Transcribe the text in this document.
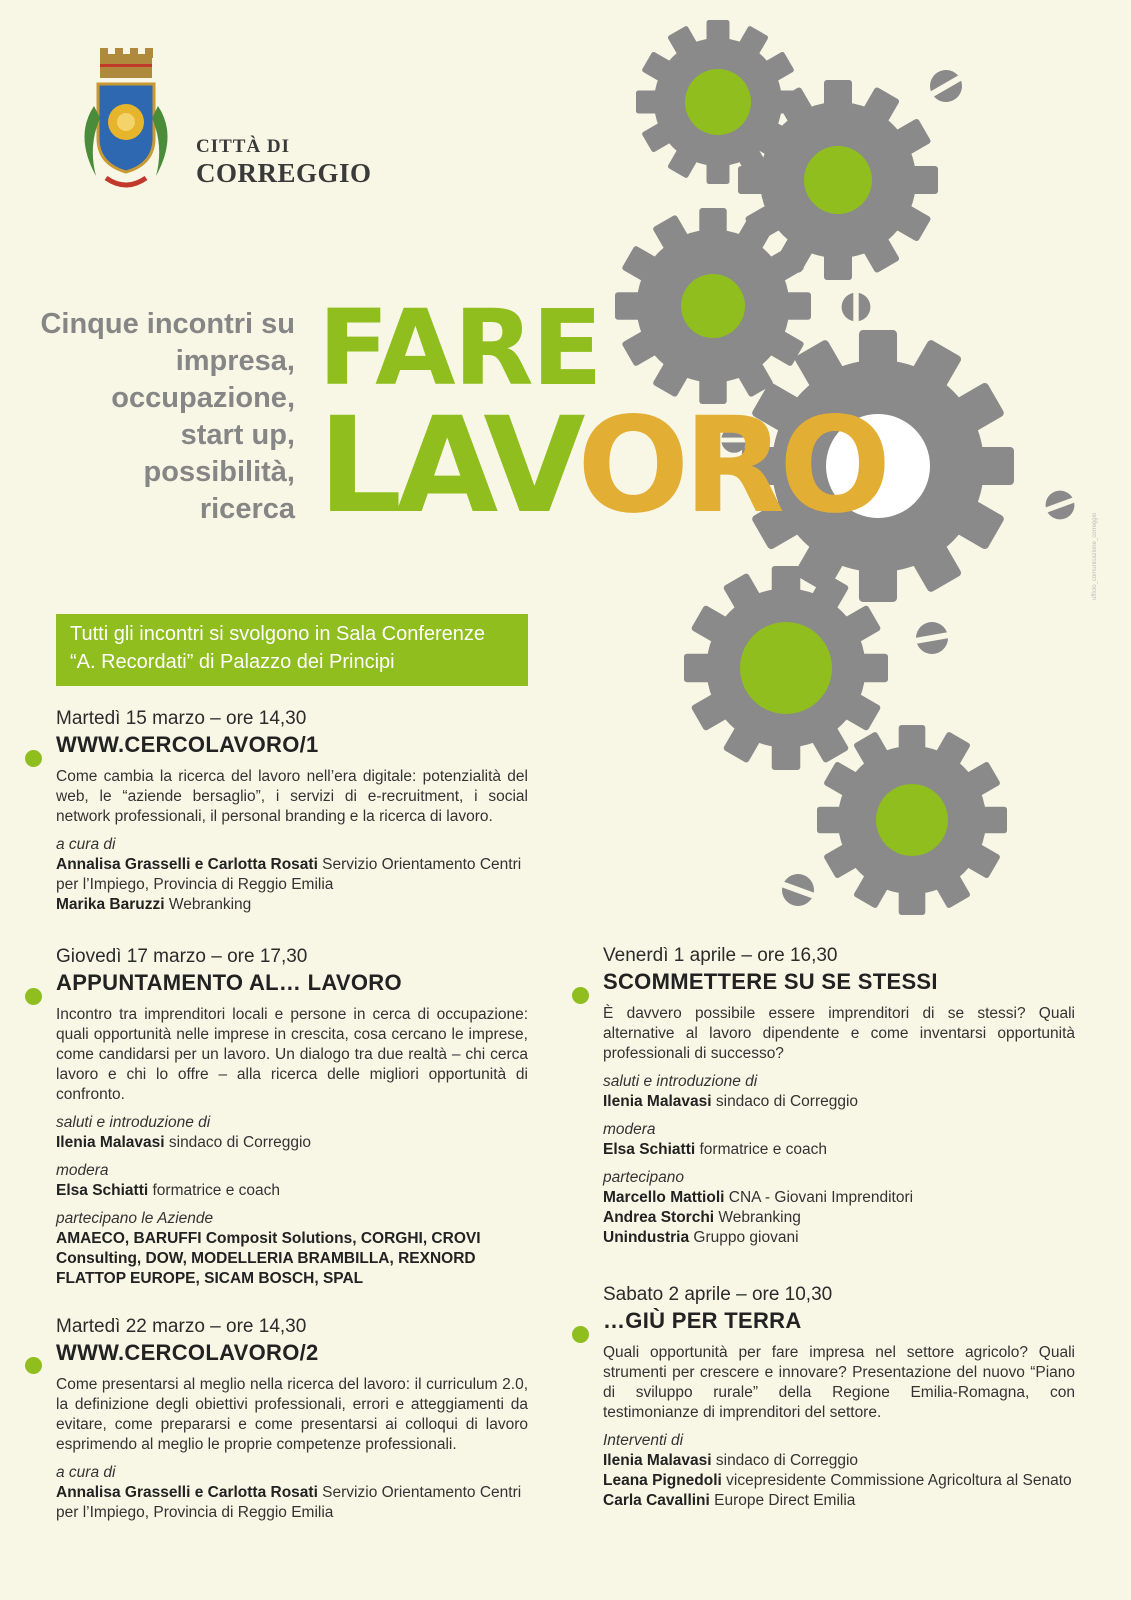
CITTÀ DI
CORREGGIO
Cinque incontri su
impresa,
occupazione,
start up,
possibilità,
ricerca
FARE
LAVORO
Tutti gli incontri si svolgono in Sala Conferenze
“A. Recordati” di Palazzo dei Principi
ufficio_comunicazione_correggio
Martedì 15 marzo – ore 14,30
WWW.CERCOLAVORO/1
Come cambia la ricerca del lavoro nell’era digitale: potenzialità del web, le “aziende bersaglio”, i servizi di e-recruitment, i social network professionali, il personal branding e la ricerca di lavoro.
a cura di
Annalisa Grasselli e Carlotta Rosati Servizio Orientamento Centri per l’Impiego, Provincia di Reggio Emilia
Marika Baruzzi Webranking
Giovedì 17 marzo – ore 17,30
APPUNTAMENTO AL… LAVORO
Incontro tra imprenditori locali e persone in cerca di occupazione: quali opportunità nelle imprese in crescita, cosa cercano le imprese, come candidarsi per un lavoro. Un dialogo tra due realtà – chi cerca lavoro e chi lo offre – alla ricerca delle migliori opportunità di confronto.
saluti e introduzione di
Ilenia Malavasi sindaco di Correggio
modera
Elsa Schiatti formatrice e coach
partecipano le Aziende
AMAECO, BARUFFI Composit Solutions, CORGHI, CROVI Consulting, DOW, MODELLERIA BRAMBILLA, REXNORD FLATTOP EUROPE, SICAM BOSCH, SPAL
Martedì 22 marzo – ore 14,30
WWW.CERCOLAVORO/2
Come presentarsi al meglio nella ricerca del lavoro: il curriculum 2.0, la definizione degli obiettivi professionali, errori e atteggiamenti da evitare, come prepararsi e come presentarsi ai colloqui di lavoro esprimendo al meglio le proprie competenze professionali.
a cura di
Annalisa Grasselli e Carlotta Rosati Servizio Orientamento Centri per l’Impiego, Provincia di Reggio Emilia
Venerdì 1 aprile – ore 16,30
SCOMMETTERE SU SE STESSI
È davvero possibile essere imprenditori di se stessi? Quali alternative al lavoro dipendente e come inventarsi opportunità professionali di successo?
saluti e introduzione di
Ilenia Malavasi sindaco di Correggio
modera
Elsa Schiatti formatrice e coach
partecipano
Marcello Mattioli CNA - Giovani Imprenditori
Andrea Storchi Webranking
Unindustria Gruppo giovani
Sabato 2 aprile – ore 10,30
…GIÙ PER TERRA
Quali opportunità per fare impresa nel settore agricolo? Quali strumenti per crescere e innovare? Presentazione del nuovo “Piano di sviluppo rurale” della Regione Emilia-Romagna, con testimonianze di imprenditori del settore.
Interventi di
Ilenia Malavasi sindaco di Correggio
Leana Pignedoli vicepresidente Commissione Agricoltura al Senato
Carla Cavallini Europe Direct Emilia
